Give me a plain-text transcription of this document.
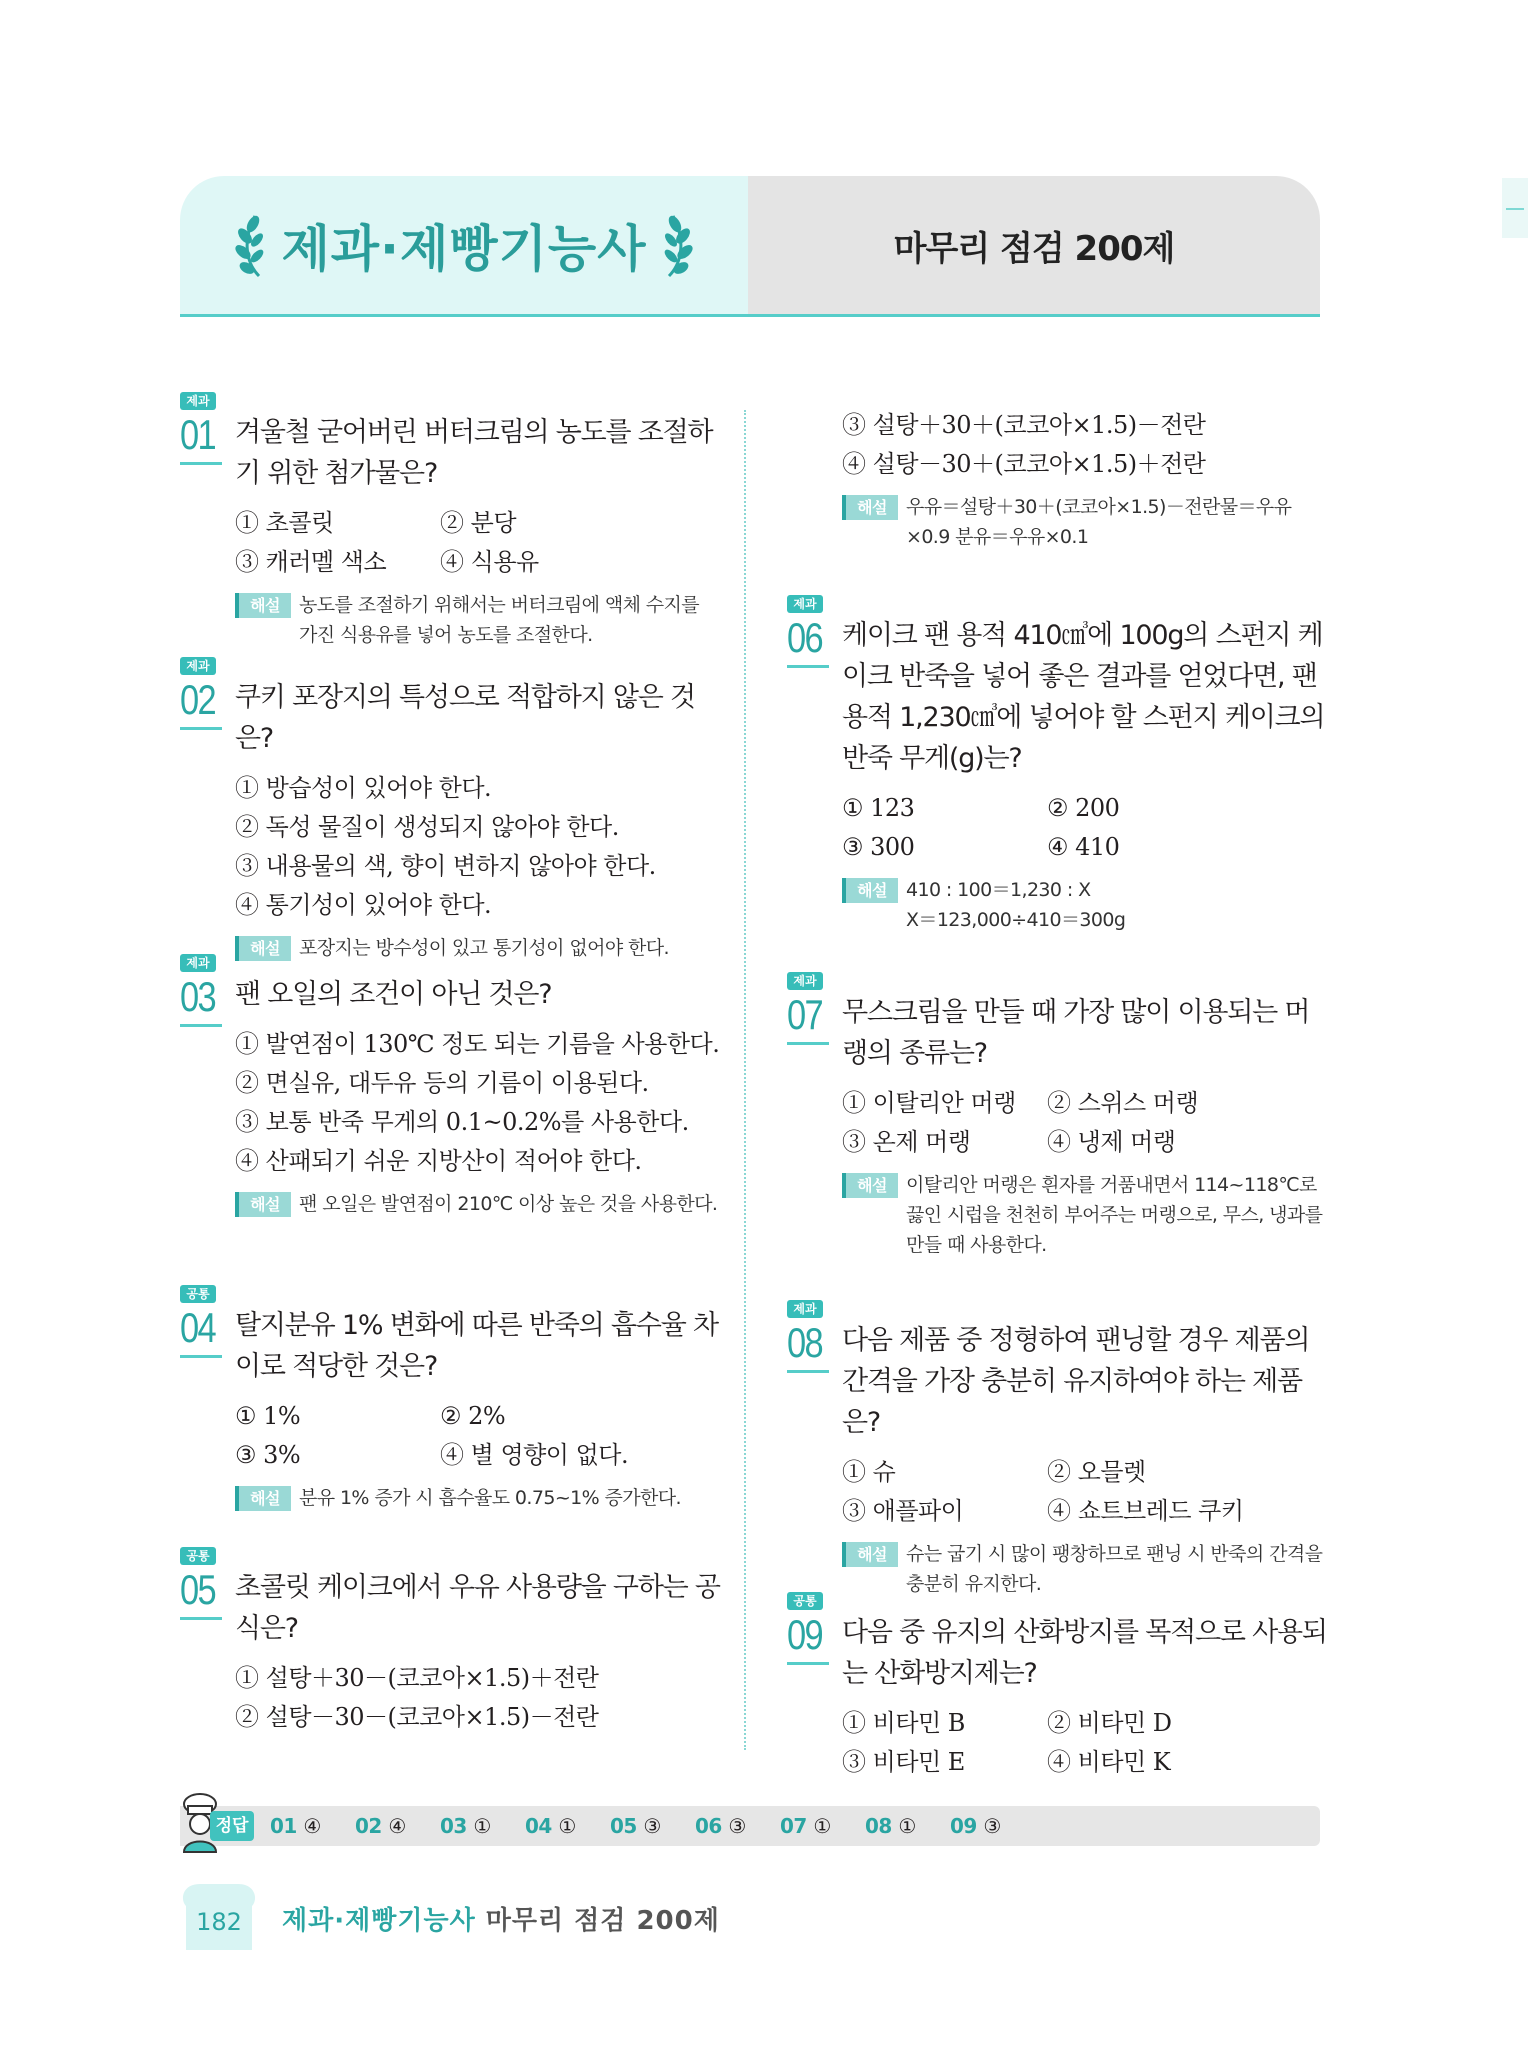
제과·제빵기능사	마무리 점검 200제
제과
01 겨울철 굳어버린 버터크림의 농도를 조절하기 위한 첨가물은?
① 초콜릿	② 분당
③ 캐러멜 색소	④ 식용유
해설	농도를 조절하기 위해서는 버터크림에 액체 수지를 가진 식용유를 넣어 농도를 조절한다.
제과
02 쿠키 포장지의 특성으로 적합하지 않은 것은?
① 방습성이 있어야 한다.
② 독성 물질이 생성되지 않아야 한다.
③ 내용물의 색, 향이 변하지 않아야 한다.
④ 통기성이 있어야 한다.
해설	포장지는 방수성이 있고 통기성이 없어야 한다.
제과
03 팬 오일의 조건이 아닌 것은?
① 발연점이 130℃ 정도 되는 기름을 사용한다.
② 면실유, 대두유 등의 기름이 이용된다.
③ 보통 반죽 무게의 0.1~0.2%를 사용한다.
④ 산패되기 쉬운 지방산이 적어야 한다.
해설	팬 오일은 발연점이 210℃ 이상 높은 것을 사용한다.
공통
04 탈지분유 1% 변화에 따른 반죽의 흡수율 차이로 적당한 것은?
① 1%	② 2%
③ 3%	④ 별 영향이 없다.
해설	분유 1% 증가 시 흡수율도 0.75~1% 증가한다.
공통
05 초콜릿 케이크에서 우유 사용량을 구하는 공식은?
① 설탕＋30－(코코아×1.5)＋전란
② 설탕－30－(코코아×1.5)－전란
③ 설탕＋30＋(코코아×1.5)－전란
④ 설탕－30＋(코코아×1.5)＋전란
해설	우유＝설탕＋30＋(코코아×1.5)－전란물＝우유×0.9 분유＝우유×0.1
제과
06 케이크 팬 용적 410㎤에 100g의 스펀지 케이크 반죽을 넣어 좋은 결과를 얻었다면, 팬 용적 1,230㎤에 넣어야 할 스펀지 케이크의 반죽 무게(g)는?
① 123	② 200
③ 300	④ 410
해설	410 : 100＝1,230 : X
X＝123,000÷410＝300g
제과
07 무스크림을 만들 때 가장 많이 이용되는 머랭의 종류는?
① 이탈리안 머랭	② 스위스 머랭
③ 온제 머랭	④ 냉제 머랭
해설	이탈리안 머랭은 흰자를 거품내면서 114~118℃로 끓인 시럽을 천천히 부어주는 머랭으로, 무스, 냉과를 만들 때 사용한다.
제과
08 다음 제품 중 정형하여 팬닝할 경우 제품의 간격을 가장 충분히 유지하여야 하는 제품은?
① 슈	② 오믈렛
③ 애플파이	④ 쇼트브레드 쿠키
해설	슈는 굽기 시 많이 팽창하므로 팬닝 시 반죽의 간격을 충분히 유지한다.
공통
09 다음 중 유지의 산화방지를 목적으로 사용되는 산화방지제는?
① 비타민 B	② 비타민 D
③ 비타민 E	④ 비타민 K
정답 01 ④	02 ④	03 ①	04 ①	05 ③	06 ③	07 ①	08 ①	09 ③
182 제과·제빵기능사 마무리 점검 200제
